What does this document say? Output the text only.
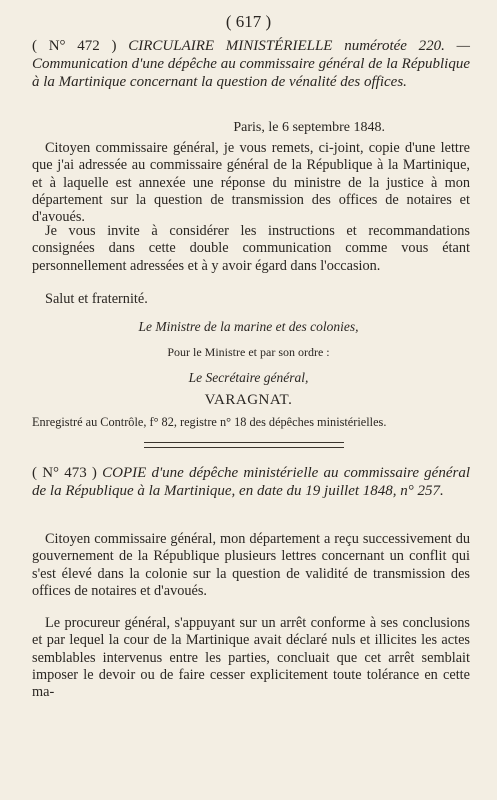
( 617 )
( N° 472 ) CIRCULAIRE MINISTÉRIELLE numérotée 220. — Communication d'une dépêche au commissaire général de la République à la Martinique concernant la question de vénalité des offices.
Paris, le 6 septembre 1848.

Citoyen commissaire général, je vous remets, ci-joint, copie d'une lettre que j'ai adressée au commissaire général de la République à la Martinique, et à laquelle est annexée une réponse du ministre de la justice à mon département sur la question de transmission des offices de notaires et d'avoués.

Je vous invite à considérer les instructions et recommandations consignées dans cette double communication comme vous étant personnellement adressées et à y avoir égard dans l'occasion.

Salut et fraternité.

Le Ministre de la marine et des colonies,
Pour le Ministre et par son ordre :
Le Secrétaire général,
VARAGNAT.
Enregistré au Contrôle, f° 82, registre n° 18 des dépêches ministérielles.
( N° 473 ) COPIE d'une dépêche ministérielle au commissaire général de la République à la Martinique, en date du 19 juillet 1848, n° 257.

Citoyen commissaire général, mon département a reçu successivement du gouvernement de la République plusieurs lettres concernant un conflit qui s'est élevé dans la colonie sur la question de validité de transmission des offices de notaires et d'avoués.

Le procureur général, s'appuyant sur un arrêt conforme à ses conclusions et par lequel la cour de la Martinique avait déclaré nuls et illicites les actes semblables intervenus entre les parties, concluait que cet arrêt semblait imposer le devoir ou de faire cesser explicitement toute tolérance en cette ma-
